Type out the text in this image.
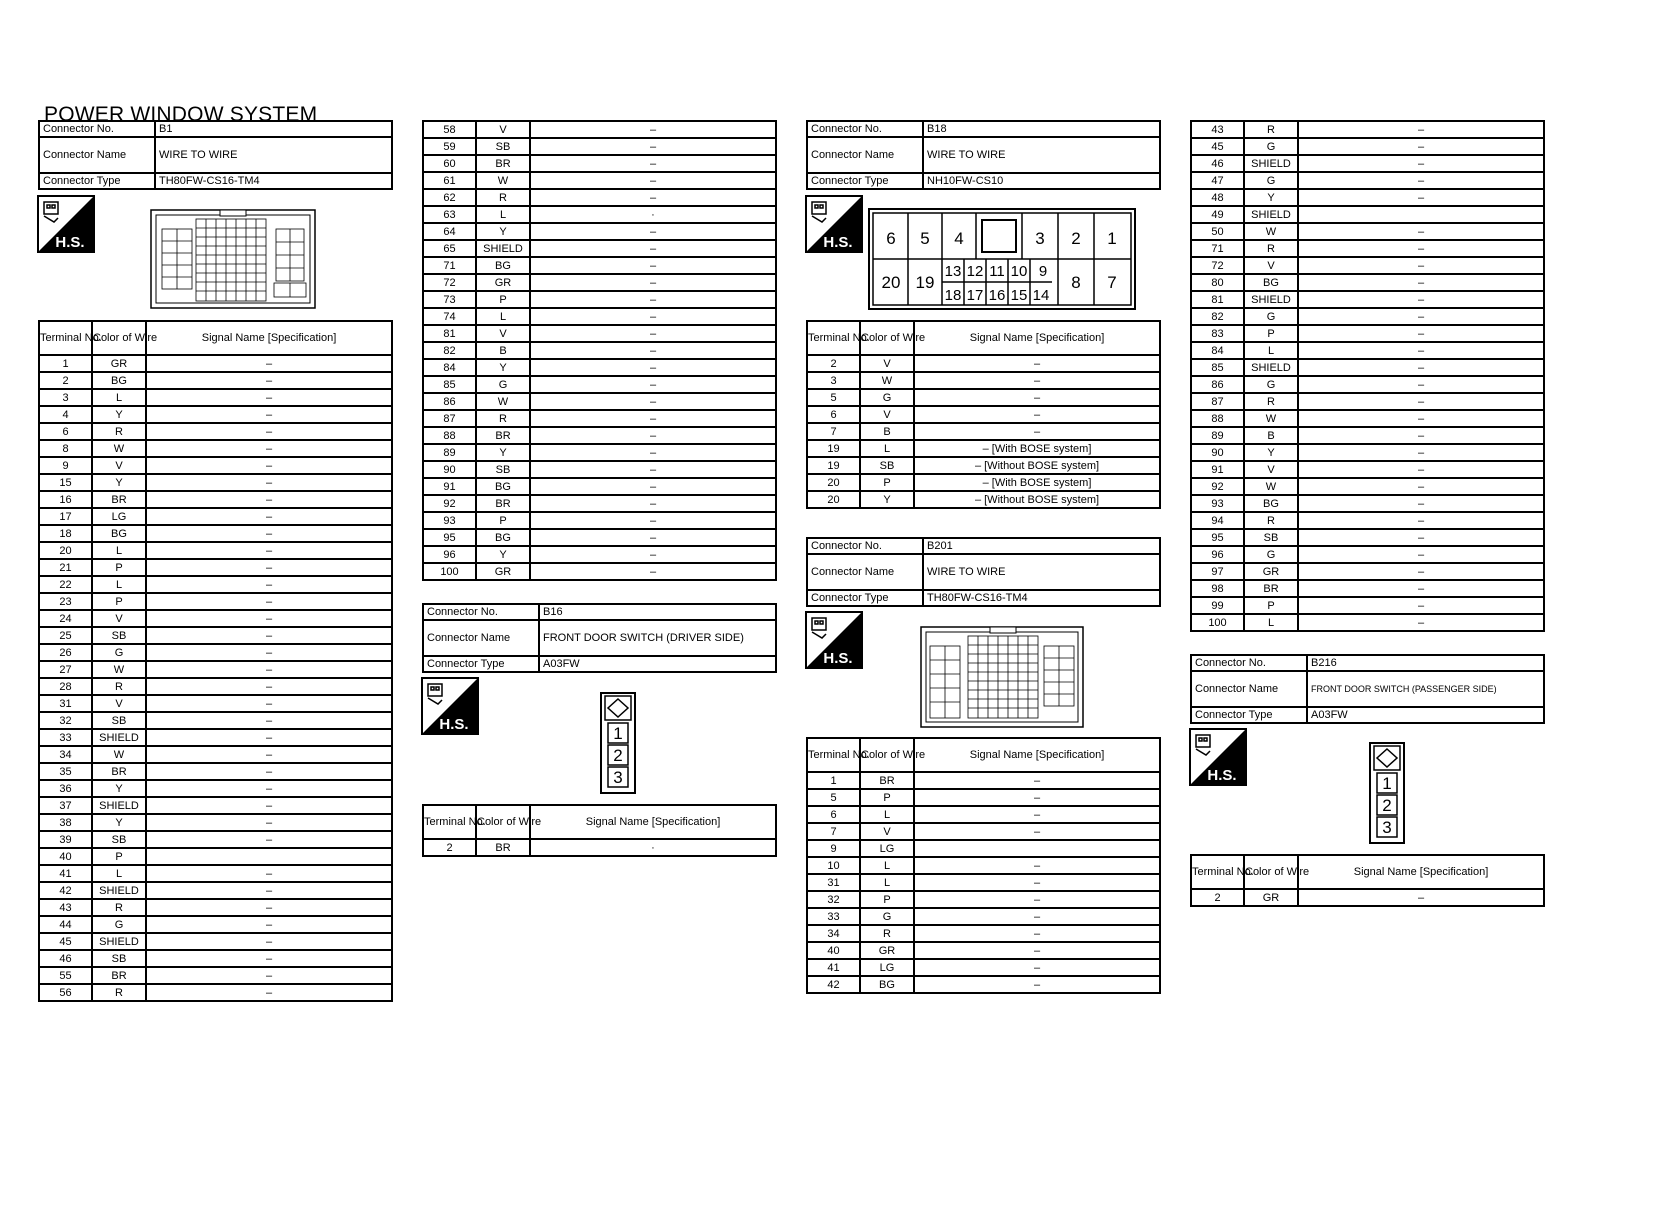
POWER WINDOW SYSTEM
Connector No.	B1
Connector Name	WIRE TO WIRE
Connector Type	TH80FW-CS16-TM4
H.S.
Terminal No.	Color of Wire	Signal Name [Specification]
1	GR	–
2	BG	–
3	L	–
4	Y	–
6	R	–
8	W	–
9	V	–
15	Y	–
16	BR	–
17	LG	–
18	BG	–
20	L	–
21	P	–
22	L	–
23	P	–
24	V	–
25	SB	–
26	G	–
27	W	–
28	R	–
31	V	–
32	SB	–
33	SHIELD	–
34	W	–
35	BR	–
36	Y	–
37	SHIELD	–
38	Y	–
39	SB	–
40	P	
41	L	–
42	SHIELD	–
43	R	–
44	G	–
45	SHIELD	–
46	SB	–
55	BR	–
56	R	–
58	V	–
59	SB	–
60	BR	–
61	W	–
62	R	–
63	L	·
64	Y	–
65	SHIELD	–
71	BG	–
72	GR	–
73	P	–
74	L	–
81	V	–
82	B	–
84	Y	–
85	G	–
86	W	–
87	R	–
88	BR	–
89	Y	–
90	SB	–
91	BG	–
92	BR	–
93	P	–
95	BG	–
96	Y	–
100	GR	–
Connector No.	B16
Connector Name	FRONT DOOR SWITCH (DRIVER SIDE)
Connector Type	A03FW
H.S.	1
2
3
Terminal No.	Color of Wire	Signal Name [Specification]
2	BR	·
Connector No.	B18
Connector Name	WIRE TO WIRE
Connector Type	NH10FW-CS10
H.S. 6 5 4	3 2 1
20 19	8 7
13 12 11 10 9
18 17 16 15 14
Terminal No.	Color of Wire	Signal Name [Specification]
2	V	–
3	W	–
5	G	–
6	V	–
7	B	–
19	L	– [With BOSE system]
19	SB	– [Without BOSE system]
20	P	– [With BOSE system]
20	Y	– [Without BOSE system]
Connector No.	B201
Connector Name	WIRE TO WIRE
Connector Type	TH80FW-CS16-TM4
H.S.
Terminal No.	Color of Wire	Signal Name [Specification]
1	BR	–
5	P	–
6	L	–
7	V	–
9	LG	
10	L	–
31	L	–
32	P	–
33	G	–
34	R	–
40	GR	–
41	LG	–
42	BG	–
43	R	–
45	G	–
46	SHIELD	–
47	G	–
48	Y	–
49	SHIELD	
50	W	–
71	R	–
72	V	–
80	BG	–
81	SHIELD	–
82	G	–
83	P	–
84	L	–
85	SHIELD	–
86	G	–
87	R	–
88	W	–
89	B	–
90	Y	–
91	V	–
92	W	–
93	BG	–
94	R	–
95	SB	–
96	G	–
97	GR	–
98	BR	–
99	P	–
100	L	–
Connector No.	B216
Connector Name	FRONT DOOR SWITCH (PASSENGER SIDE)
Connector Type	A03FW
H.S.	1
2
3
Terminal No.	Color of Wire	Signal Name [Specification]
2	GR	–
